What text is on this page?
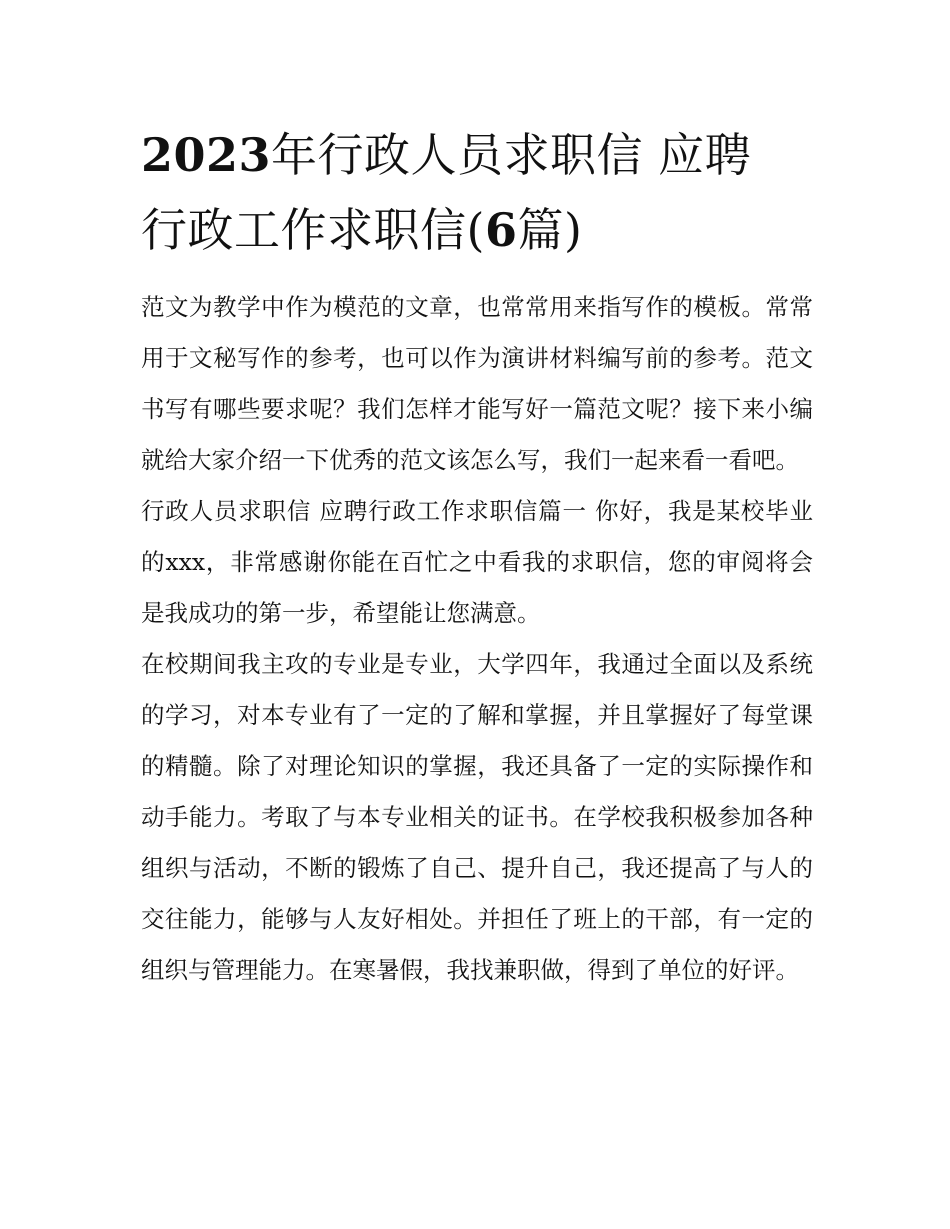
2023年行政人员求职信 应聘
行政工作求职信(6篇)

范文为教学中作为模范的文章，也常常用来指写作的模板。常常用于文秘写作的参考，也可以作为演讲材料编写前的参考。范文书写有哪些要求呢？我们怎样才能写好一篇范文呢？接下来小编就给大家介绍一下优秀的范文该怎么写，我们一起来看一看吧。

行政人员求职信 应聘行政工作求职信篇一 你好，我是某校毕业的xxx，非常感谢你能在百忙之中看我的求职信，您的审阅将会是我成功的第一步，希望能让您满意。

在校期间我主攻的专业是专业，大学四年，我通过全面以及系统的学习，对本专业有了一定的了解和掌握，并且掌握好了每堂课的精髓。除了对理论知识的掌握，我还具备了一定的实际操作和动手能力。考取了与本专业相关的证书。在学校我积极参加各种组织与活动，不断的锻炼了自己、提升自己，我还提高了与人的交往能力，能够与人友好相处。并担任了班上的干部，有一定的组织与管理能力。在寒暑假，我找兼职做，得到了单位的好评。
